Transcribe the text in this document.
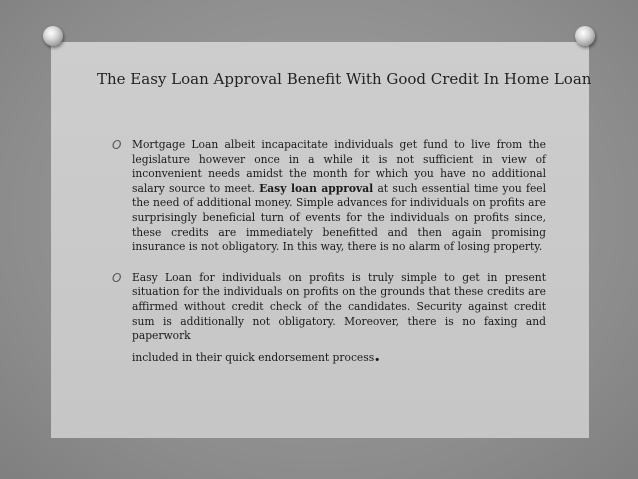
The Easy Loan Approval Benefit With Good Credit In Home Loan
O Mortgage Loan albeit incapacitate individuals get fund to live from the legislature however once in a while it is not sufficient in view of inconvenient needs amidst the month for which you have no additional salary source to meet. Easy loan approval at such essential time you feel the need of additional money. Simple advances for individuals on profits are surprisingly beneficial turn of events for the individuals on profits since, these credits are immediately benefitted and then again promising insurance is not obligatory. In this way, there is no alarm of losing property.
O Easy Loan for individuals on profits is truly simple to get in present situation for the individuals on profits on the grounds that these credits are affirmed without credit check of the candidates. Security against credit sum is additionally not obligatory. Moreover, there is no faxing and paperwork
included in their quick endorsement process.
